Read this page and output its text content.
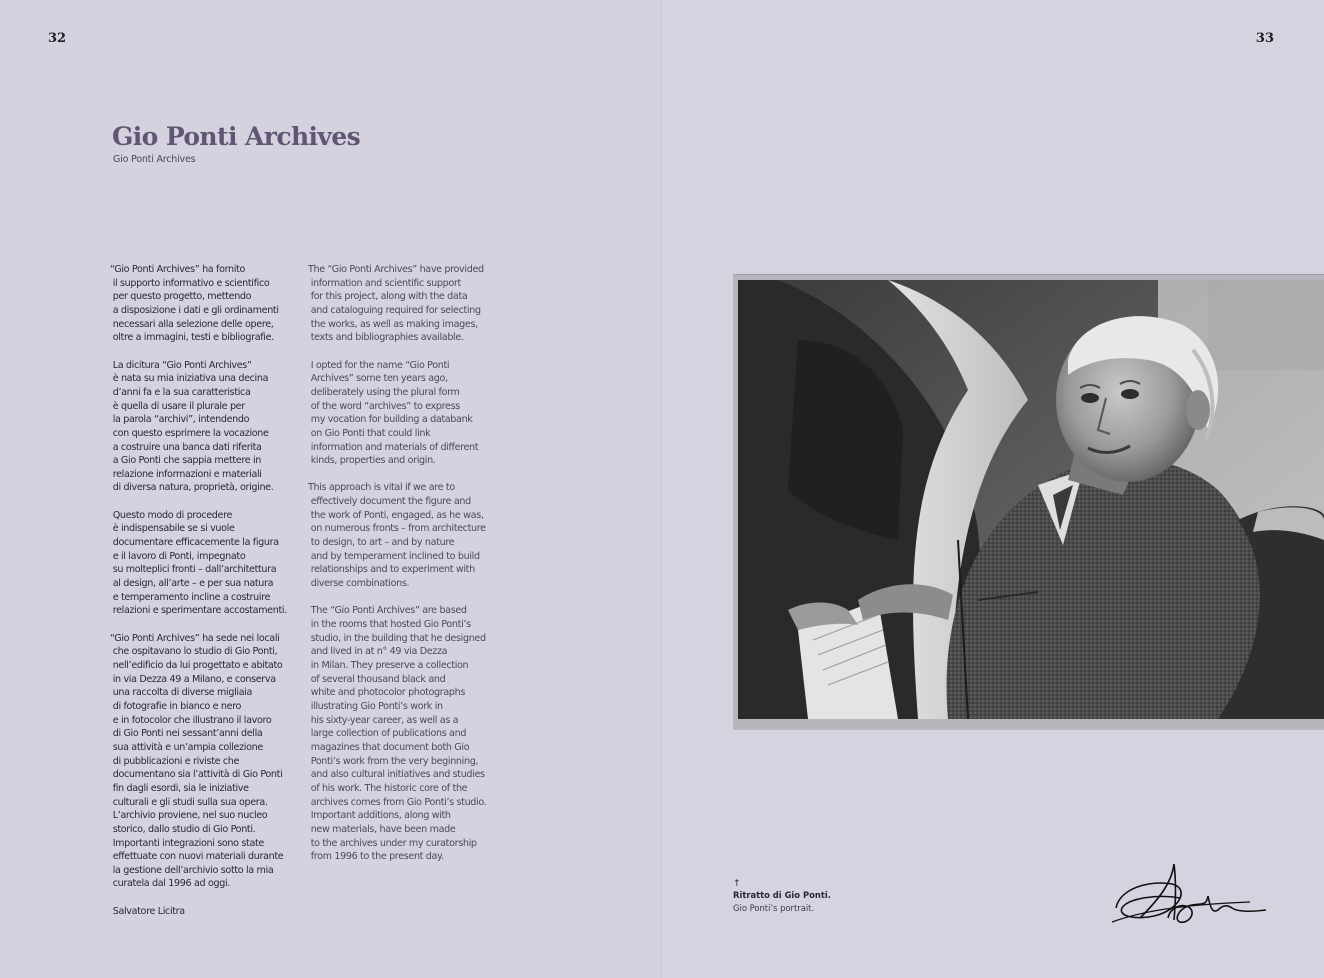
32
Gio Ponti Archives
Gio Ponti Archives

“Gio Ponti Archives” ha fornito
il supporto informativo e scientifico
per questo progetto, mettendo
a disposizione i dati e gli ordinamenti
necessari alla selezione delle opere,
oltre a immagini, testi e bibliografie.

La dicitura “Gio Ponti Archives”
è nata su mia iniziativa una decina
d’anni fa e la sua caratteristica
è quella di usare il plurale per
la parola “archivi”, intendendo
con questo esprimere la vocazione
a costruire una banca dati riferita
a Gio Ponti che sappia mettere in
relazione informazioni e materiali
di diversa natura, proprietà, origine.

Questo modo di procedere
è indispensabile se si vuole
documentare efficacemente la figura
e il lavoro di Ponti, impegnato
su molteplici fronti – dall’architettura
al design, all’arte – e per sua natura
e temperamento incline a costruire
relazioni e sperimentare accostamenti.

“Gio Ponti Archives” ha sede nei locali
che ospitavano lo studio di Gio Ponti,
nell’edificio da lui progettato e abitato
in via Dezza 49 a Milano, e conserva
una raccolta di diverse migliaia
di fotografie in bianco e nero
e in fotocolor che illustrano il lavoro
di Gio Ponti nei sessant’anni della
sua attività e un’ampia collezione
di pubblicazioni e riviste che
documentano sia l’attività di Gio Ponti
fin dagli esordi, sia le iniziative
culturali e gli studi sulla sua opera.
L’archivio proviene, nel suo nucleo
storico, dallo studio di Gio Ponti.
Importanti integrazioni sono state
effettuate con nuovi materiali durante
la gestione dell’archivio sotto la mia
curatela dal 1996 ad oggi.

Salvatore Licitra

The “Gio Ponti Archives” have provided
information and scientific support
for this project, along with the data
and cataloguing required for selecting
the works, as well as making images,
texts and bibliographies available.

I opted for the name “Gio Ponti
Archives” some ten years ago,
deliberately using the plural form
of the word “archives” to express
my vocation for building a databank
on Gio Ponti that could link
information and materials of different
kinds, properties and origin.

This approach is vital if we are to
effectively document the figure and
the work of Ponti, engaged, as he was,
on numerous fronts – from architecture
to design, to art – and by nature
and by temperament inclined to build
relationships and to experiment with
diverse combinations.

The “Gio Ponti Archives” are based
in the rooms that hosted Gio Ponti’s
studio, in the building that he designed
and lived in at n° 49 via Dezza
in Milan. They preserve a collection
of several thousand black and
white and photocolor photographs
illustrating Gio Ponti’s work in
his sixty-year career, as well as a
large collection of publications and
magazines that document both Gio
Ponti’s work from the very beginning,
and also cultural initiatives and studies
of his work. The historic core of the
archives comes from Gio Ponti’s studio.
Important additions, along with
new materials, have been made
to the archives under my curatorship
from 1996 to the present day.

33
↑
Ritratto di Gio Ponti.
Gio Ponti’s portrait.
